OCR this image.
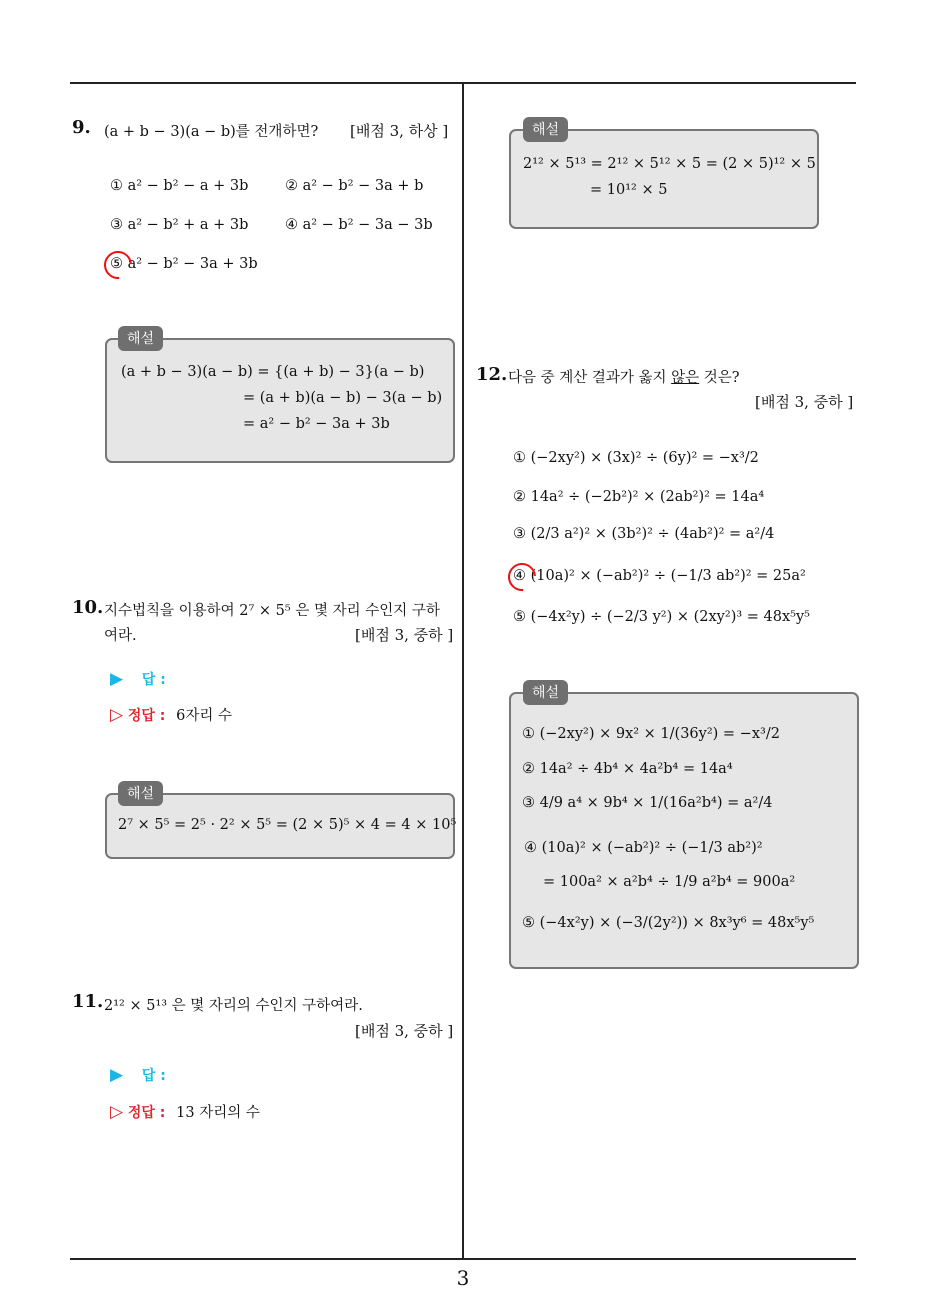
9. (a + b − 3)(a − b)를 전개하면? [배점 3, 하상 ]
① a² − b² − a + 3b	② a² − b² − 3a + b
③ a² − b² + a + 3b	④ a² − b² − 3a − 3b
⑤ a² − b² − 3a + 3b
해설
(a + b − 3)(a − b) = {(a + b) − 3}(a − b)
= (a + b)(a − b) − 3(a − b)
= a² − b² − 3a + 3b
10. 지수법칙을 이용하여 2⁷ × 5⁵ 은 몇 자리 수인지 구하
여라.	[배점 3, 중하 ]
▶ 답 :
▷ 정답 : 6자리 수
해설
2⁷ × 5⁵ = 2⁵ · 2² × 5⁵ = (2 × 5)⁵ × 4 = 4 × 10⁵
11. 2¹² × 5¹³ 은 몇 자리의 수인지 구하여라.
[배점 3, 중하 ]
▶ 답 :
▷ 정답 : 13 자리의 수
해설
2¹² × 5¹³ = 2¹² × 5¹² × 5 = (2 × 5)¹² × 5
= 10¹² × 5
12. 다음 중 계산 결과가 옳지 않은 것은?
[배점 3, 중하 ]
① (−2xy²) × (3x)² ÷ (6y)² = −x³/2
② 14a² ÷ (−2b²)² × (2ab²)² = 14a⁴
③ (2/3 a²)² × (3b²)² ÷ (4ab²)² = a²/4
④ (10a)² × (−ab²)² ÷ (−1/3 ab²)² = 25a²
⑤ (−4x²y) ÷ (−2/3 y²) × (2xy²)³ = 48x⁵y⁵
해설
① (−2xy²) × 9x² × 1/(36y²) = −x³/2
② 14a² ÷ 4b⁴ × 4a²b⁴ = 14a⁴
③ 4/9 a⁴ × 9b⁴ × 1/(16a²b⁴) = a²/4
④ (10a)² × (−ab²)² ÷ (−1/3 ab²)²
= 100a² × a²b⁴ ÷ 1/9 a²b⁴ = 900a²
⑤ (−4x²y) × (−3/(2y²)) × 8x³y⁶ = 48x⁵y⁵
3
